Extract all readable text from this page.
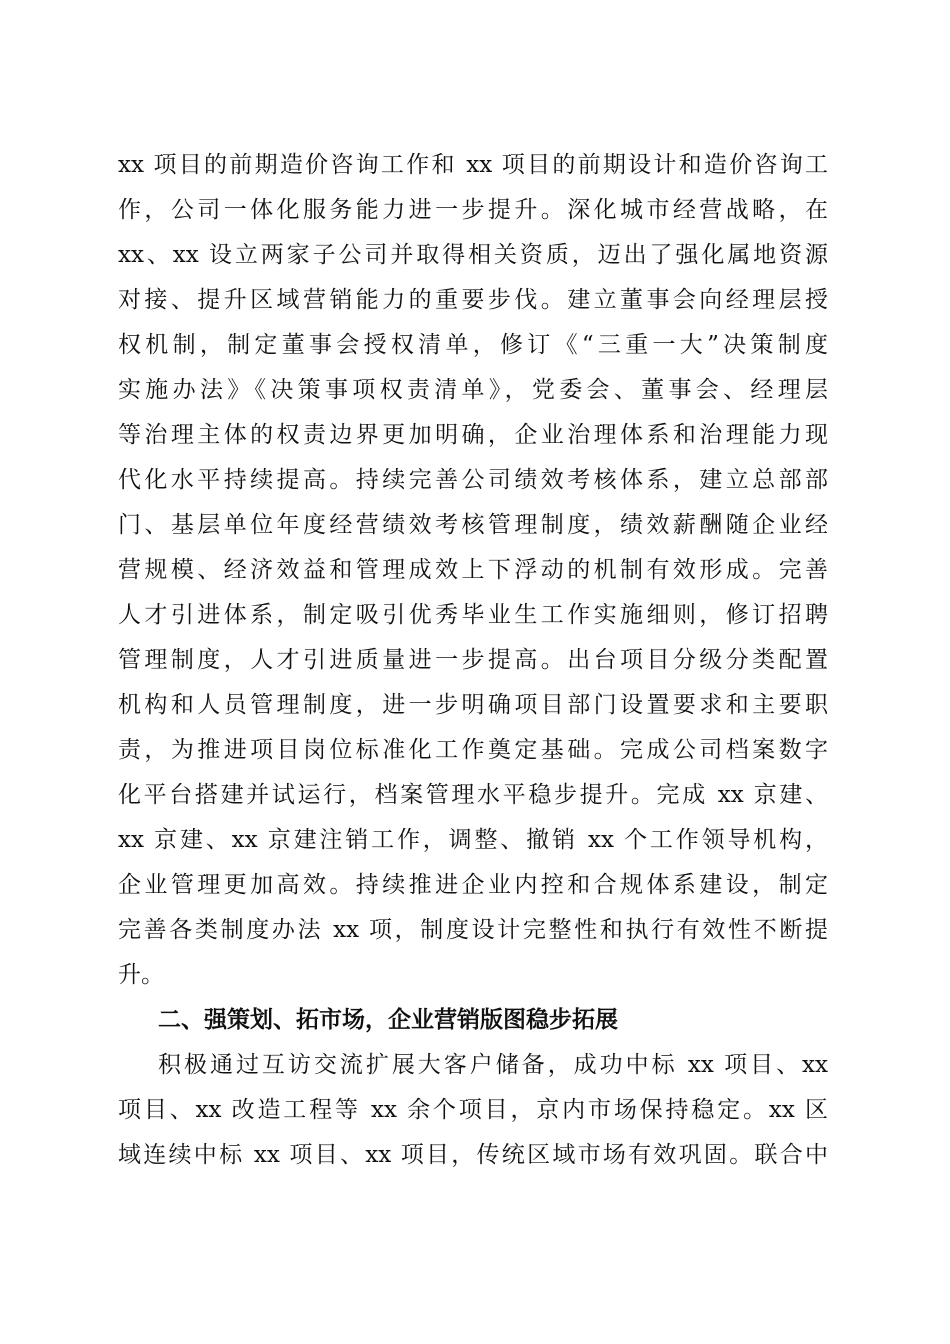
xx 项目的前期造价咨询工作和 xx 项目的前期设计和造价咨询工
作，公司一体化服务能力进一步提升。深化城市经营战略，在
xx、xx 设立两家子公司并取得相关资质，迈出了强化属地资源
对接、提升区域营销能力的重要步伐。建立董事会向经理层授
权机制，制定董事会授权清单，修订《“三重一大”决策制度
实施办法》《决策事项权责清单》，党委会、董事会、经理层
等治理主体的权责边界更加明确，企业治理体系和治理能力现
代化水平持续提高。持续完善公司绩效考核体系，建立总部部
门、基层单位年度经营绩效考核管理制度，绩效薪酬随企业经
营规模、经济效益和管理成效上下浮动的机制有效形成。完善
人才引进体系，制定吸引优秀毕业生工作实施细则，修订招聘
管理制度，人才引进质量进一步提高。出台项目分级分类配置
机构和人员管理制度，进一步明确项目部门设置要求和主要职
责，为推进项目岗位标准化工作奠定基础。完成公司档案数字
化平台搭建并试运行，档案管理水平稳步提升。完成 xx 京建、
xx 京建、xx 京建注销工作，调整、撤销 xx 个工作领导机构，
企业管理更加高效。持续推进企业内控和合规体系建设，制定
完善各类制度办法 xx 项，制度设计完整性和执行有效性不断提
升。
二、强策划、拓市场，企业营销版图稳步拓展
积极通过互访交流扩展大客户储备，成功中标 xx 项目、xx
项目、xx 改造工程等 xx 余个项目，京内市场保持稳定。xx 区
域连续中标 xx 项目、xx 项目，传统区域市场有效巩固。联合中
